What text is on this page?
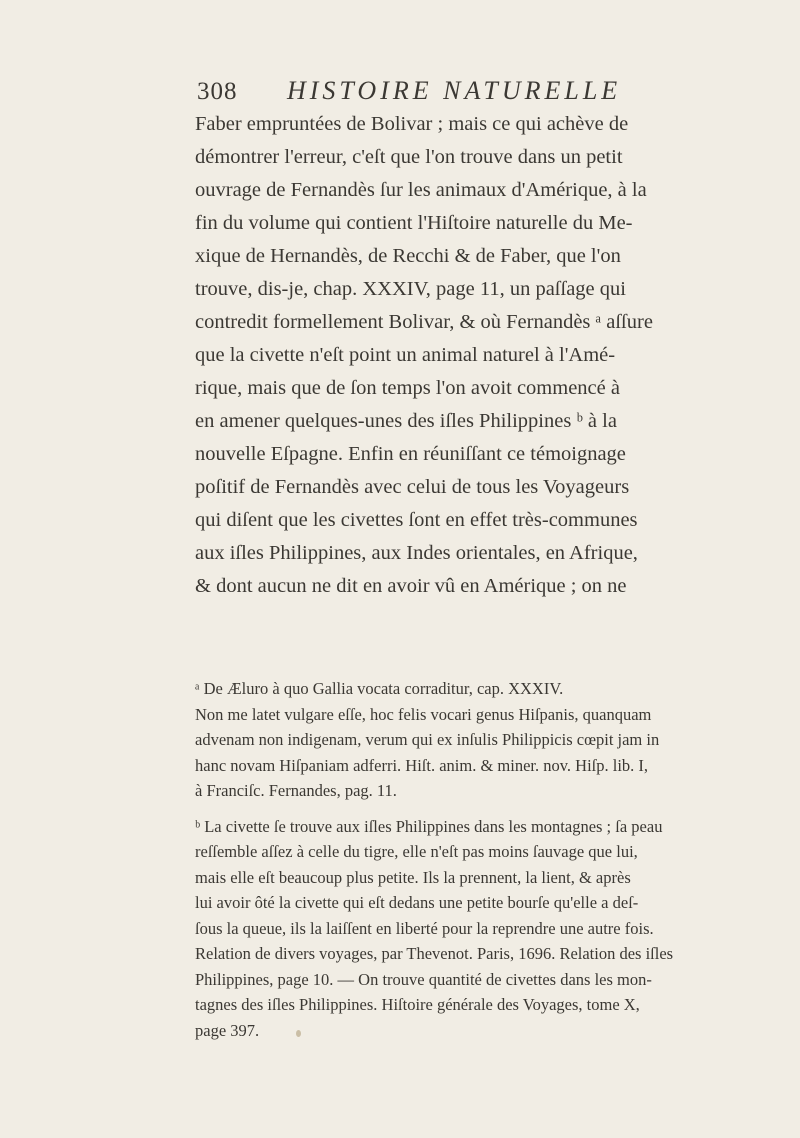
308 HISTOIRE NATURELLE
Faber empruntées de Bolivar ; mais ce qui achève de
démontrer l'erreur, c'eſt que l'on trouve dans un petit
ouvrage de Fernandès ſur les animaux d'Amérique, à la
fin du volume qui contient l'Hiſtoire naturelle du Me-
xique de Hernandès, de Recchi & de Faber, que l'on
trouve, dis-je, chap. XXXIV, page 11, un paſſage qui
contredit formellement Bolivar, & où Fernandès ᵃ aſſure
que la civette n'eſt point un animal naturel à l'Amé-
rique, mais que de ſon temps l'on avoit commencé à
en amener quelques-unes des iſles Philippines ᵇ à la
nouvelle Eſpagne. Enfin en réuniſſant ce témoignage
poſitif de Fernandès avec celui de tous les Voyageurs
qui diſent que les civettes ſont en effet très-communes
aux iſles Philippines, aux Indes orientales, en Afrique,
& dont aucun ne dit en avoir vû en Amérique ; on ne
ᵃ De Æluro à quo Gallia vocata corraditur, cap. XXXIV.
Non me latet vulgare eſſe, hoc felis vocari genus Hiſpanis, quanquam
advenam non indigenam, verum qui ex inſulis Philippicis cœpit jam in
hanc novam Hiſpaniam adferri. Hiſt. anim. & miner. nov. Hiſp. lib. I,
à Franciſc. Fernandes, pag. 11.
ᵇ La civette ſe trouve aux iſles Philippines dans les montagnes ; ſa peau
reſſemble aſſez à celle du tigre, elle n'eſt pas moins ſauvage que lui,
mais elle eſt beaucoup plus petite. Ils la prennent, la lient, & après
lui avoir ôté la civette qui eſt dedans une petite bourſe qu'elle a deſ-
ſous la queue, ils la laiſſent en liberté pour la reprendre une autre fois.
Relation de divers voyages, par Thevenot. Paris, 1696. Relation des iſles
Philippines, page 10. — On trouve quantité de civettes dans les mon-
tagnes des iſles Philippines. Hiſtoire générale des Voyages, tome X,
page 397.
